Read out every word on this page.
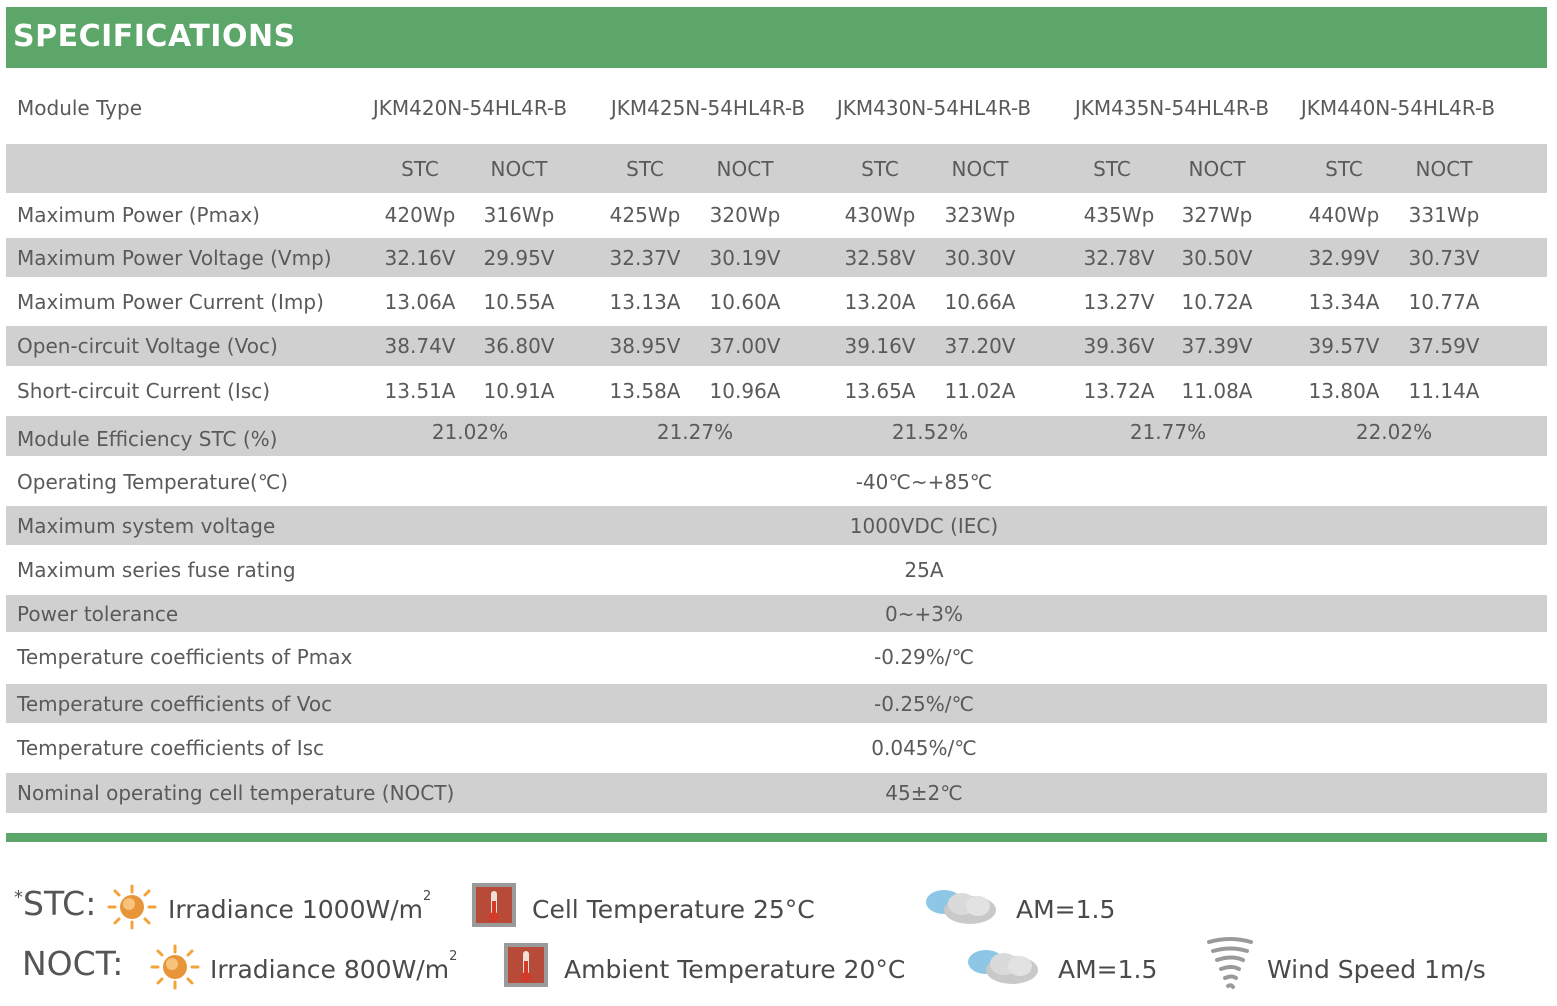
SPECIFICATIONS
Module Type	JKM420N-54HL4R-B	JKM425N-54HL4R-B JKM430N-54HL4R-B JKM435N-54HL4R-B JKM440N-54HL4R-B
STC	NOCT	STC	NOCT	STC	NOCT	STC	NOCT	STC	NOCT
Maximum Power (Pmax)	420Wp	316Wp	425Wp	320Wp	430Wp	323Wp	435Wp	327Wp	440Wp	331Wp
Maximum Power Voltage (Vmp)	32.16V	29.95V	32.37V	30.19V	32.58V	30.30V	32.78V	30.50V	32.99V	30.73V
Maximum Power Current (Imp)	13.06A	10.55A	13.13A	10.60A	13.20A	10.66A	13.27V	10.72A	13.34A	10.77A
Open-circuit Voltage (Voc)	38.74V	36.80V	38.95V	37.00V	39.16V	37.20V	39.36V	37.39V	39.57V	37.59V
Short-circuit Current (Isc)	13.51A	10.91A	13.58A	10.96A	13.65A	11.02A	13.72A	11.08A	13.80A	11.14A
Module Efficiency STC (%)	21.02%	21.27%	21.52%	21.77%	22.02%
Operating Temperature(℃)	-40℃~+85℃
Maximum system voltage	1000VDC (IEC)
Maximum series fuse rating	25A
Power tolerance	0~+3%
Temperature coefficients of Pmax	-0.29%/℃
Temperature coefficients of Voc	-0.25%/℃
Temperature coefficients of Isc	0.045%/℃
Nominal operating cell temperature (NOCT)	45±2℃
*STC:	Irradiance $1000W/m^2$	Cell Temperature 25°C	AM=1.5
NOCT:	Irradiance $800W/m^2$	Ambient Temperature 20°C	AM=1.5	Wind Speed 1m/s
